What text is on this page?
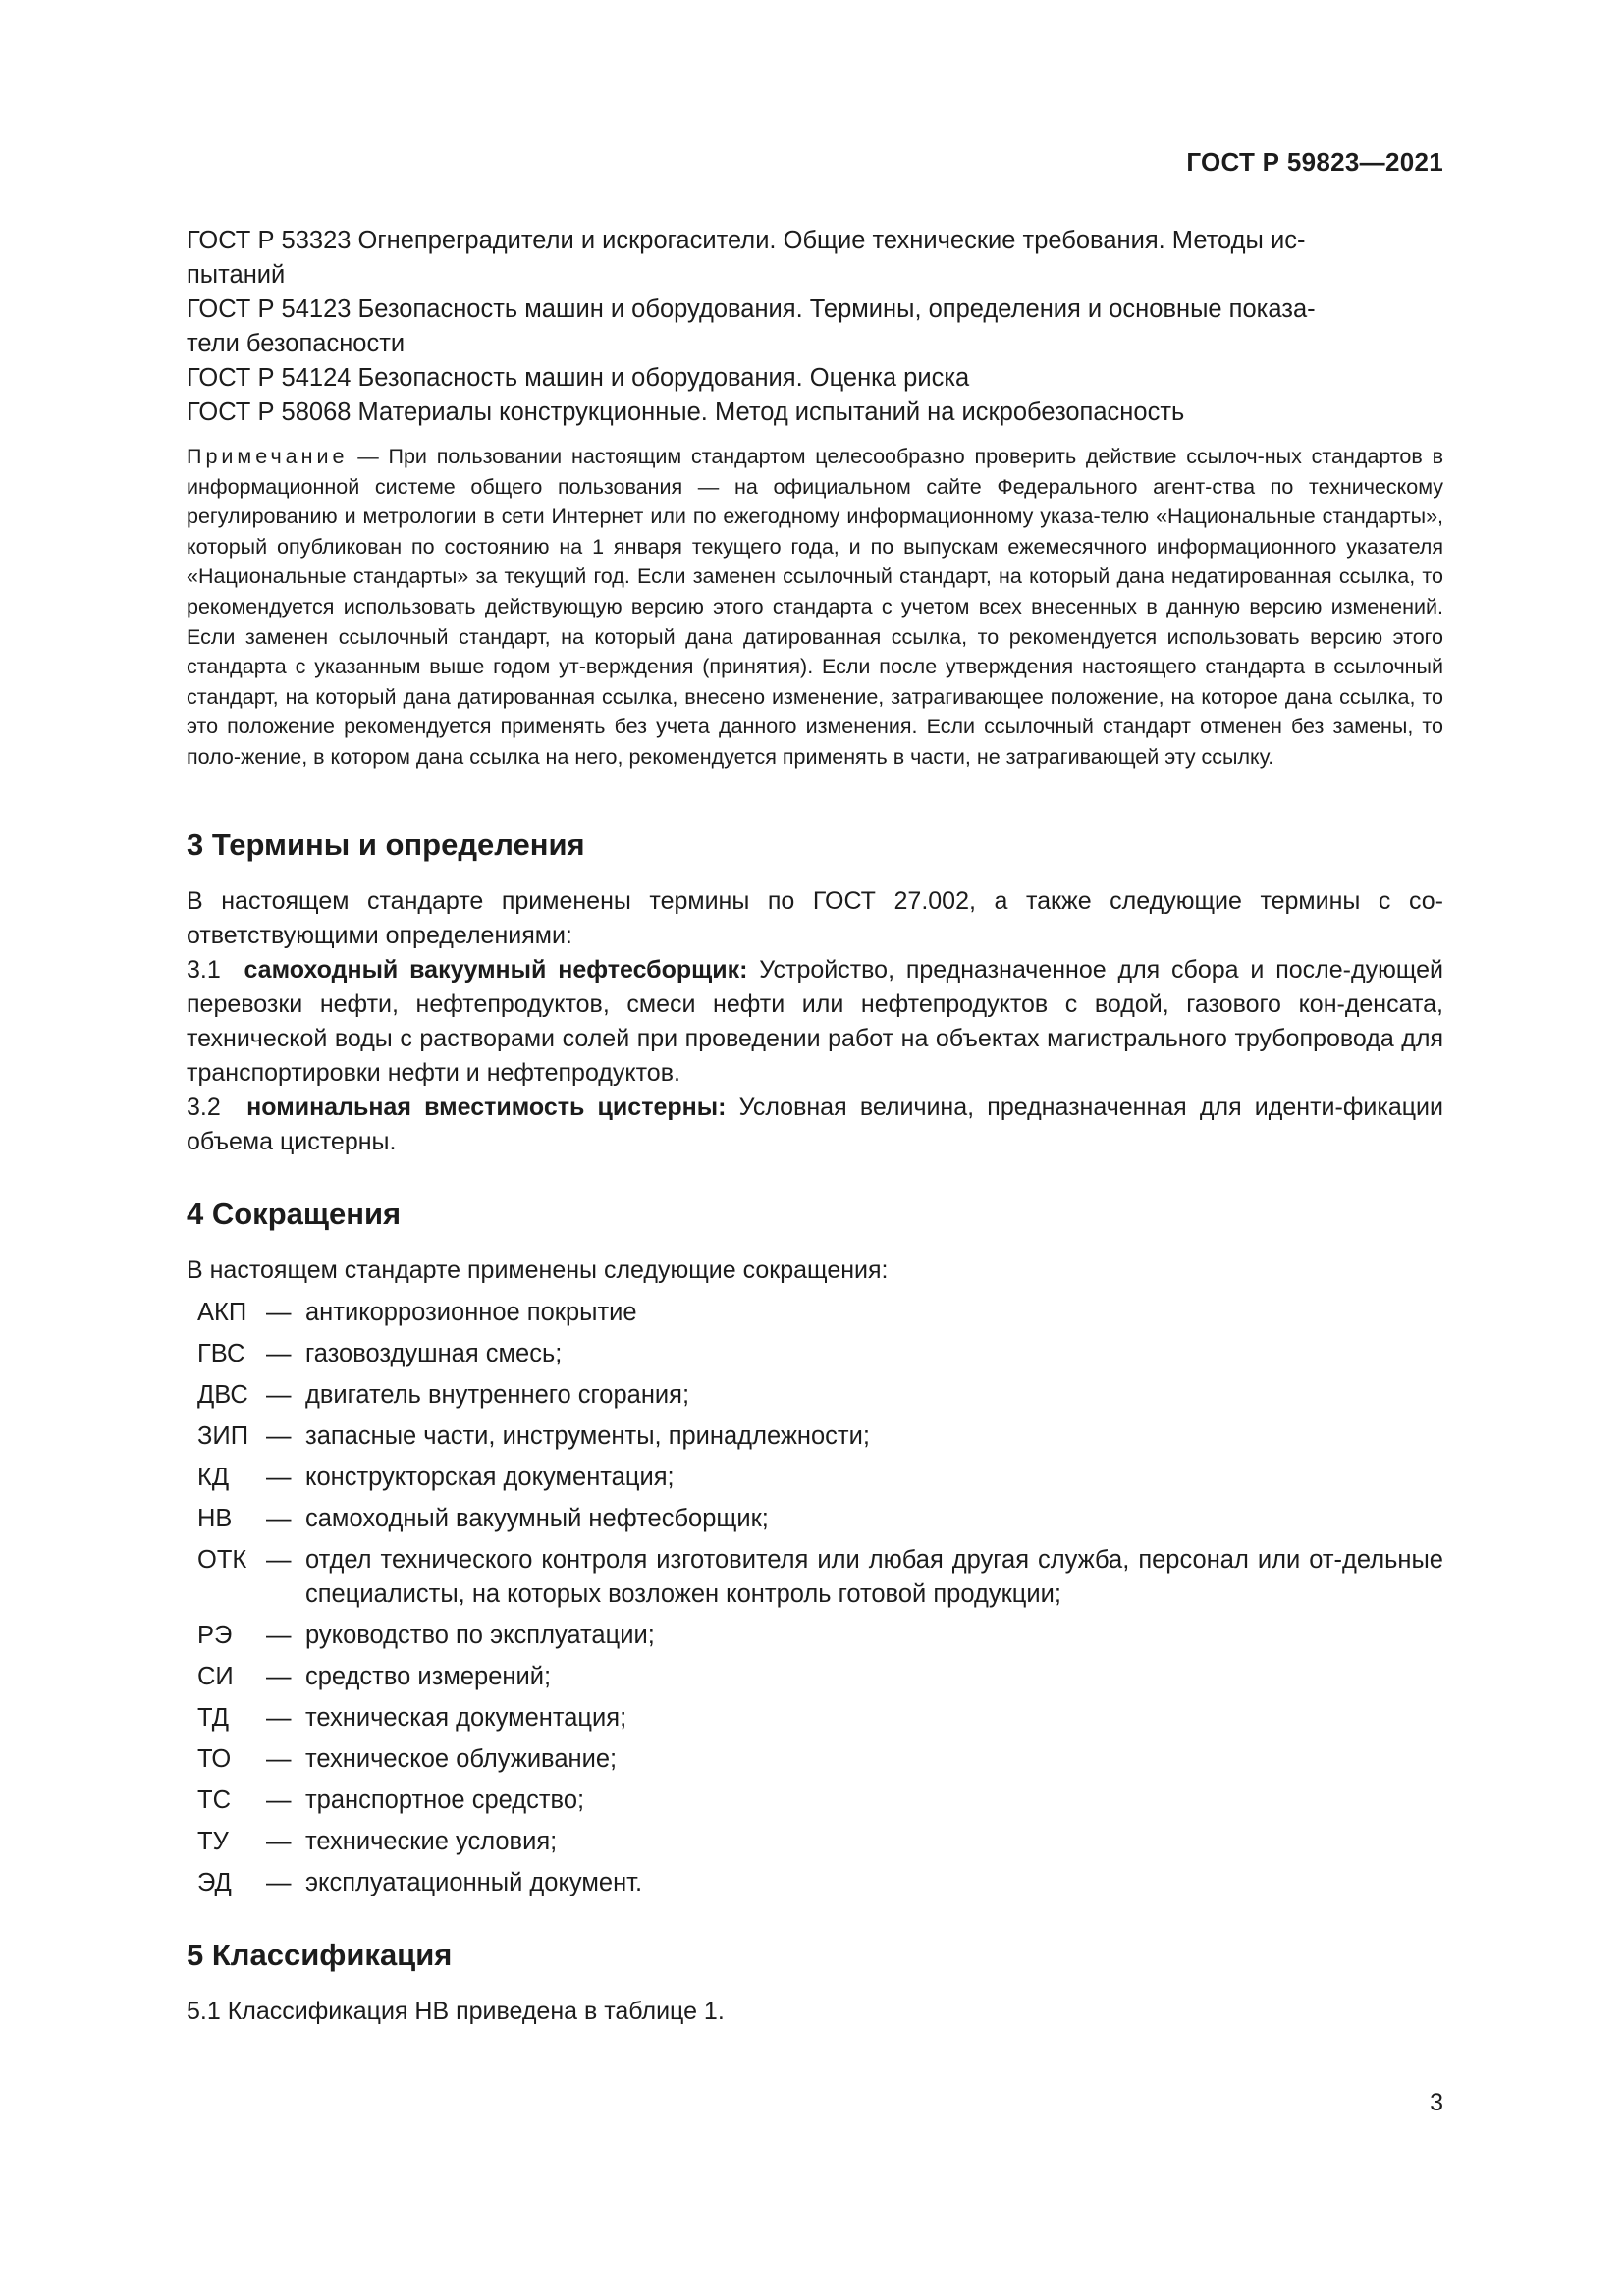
ГОСТ Р 59823—2021

ГОСТ Р 53323 Огнепреградители и искрогасители. Общие технические требования. Методы ис-
пытаний

ГОСТ Р 54123 Безопасность машин и оборудования. Термины, определения и основные показа-
тели безопасности

ГОСТ Р 54124 Безопасность машин и оборудования. Оценка риска

ГОСТ Р 58068 Материалы конструкционные. Метод испытаний на искробезопасность

Примечание — При пользовании настоящим стандартом целесообразно проверить действие ссылоч-ных стандартов в информационной системе общего пользования — на официальном сайте Федерального агент-ства по техническому регулированию и метрологии в сети Интернет или по ежегодному информационному указа-телю «Национальные стандарты», который опубликован по состоянию на 1 января текущего года, и по выпускам ежемесячного информационного указателя «Национальные стандарты» за текущий год. Если заменен ссылочный стандарт, на который дана недатированная ссылка, то рекомендуется использовать действующую версию этого стандарта с учетом всех внесенных в данную версию изменений. Если заменен ссылочный стандарт, на который дана датированная ссылка, то рекомендуется использовать версию этого стандарта с указанным выше годом ут-верждения (принятия). Если после утверждения настоящего стандарта в ссылочный стандарт, на который дана датированная ссылка, внесено изменение, затрагивающее положение, на которое дана ссылка, то это положение рекомендуется применять без учета данного изменения. Если ссылочный стандарт отменен без замены, то поло-жение, в котором дана ссылка на него, рекомендуется применять в части, не затрагивающей эту ссылку.

3 Термины и определения

В настоящем стандарте применены термины по ГОСТ 27.002, а также следующие термины с со-ответствующими определениями:

3.1 самоходный вакуумный нефтесборщик: Устройство, предназначенное для сбора и после-дующей перевозки нефти, нефтепродуктов, смеси нефти или нефтепродуктов с водой, газового кон-денсата, технической воды с растворами солей при проведении работ на объектах магистрального трубопровода для транспортировки нефти и нефтепродуктов.

3.2 номинальная вместимость цистерны: Условная величина, предназначенная для иденти-фикации объема цистерны.

4 Сокращения

В настоящем стандарте применены следующие сокращения:

АКП — антикоррозионное покрытие
ГВС — газовоздушная смесь;
ДВС — двигатель внутреннего сгорания;
ЗИП — запасные части, инструменты, принадлежности;
КД	— конструкторская документация;
НВ	— самоходный вакуумный нефтесборщик;
ОТК — отдел технического контроля изготовителя или любая другая служба, персонал или от-дельные специалисты, на которых возложен контроль готовой продукции;
РЭ	— руководство по эксплуатации;
СИ	— средство измерений;
ТД	— техническая документация;
ТО	— техническое облуживание;
ТС	— транспортное средство;
ТУ	— технические условия;
ЭД	— эксплуатационный документ.
5 Классификация

5.1 Классификация НВ приведена в таблице 1.

3
